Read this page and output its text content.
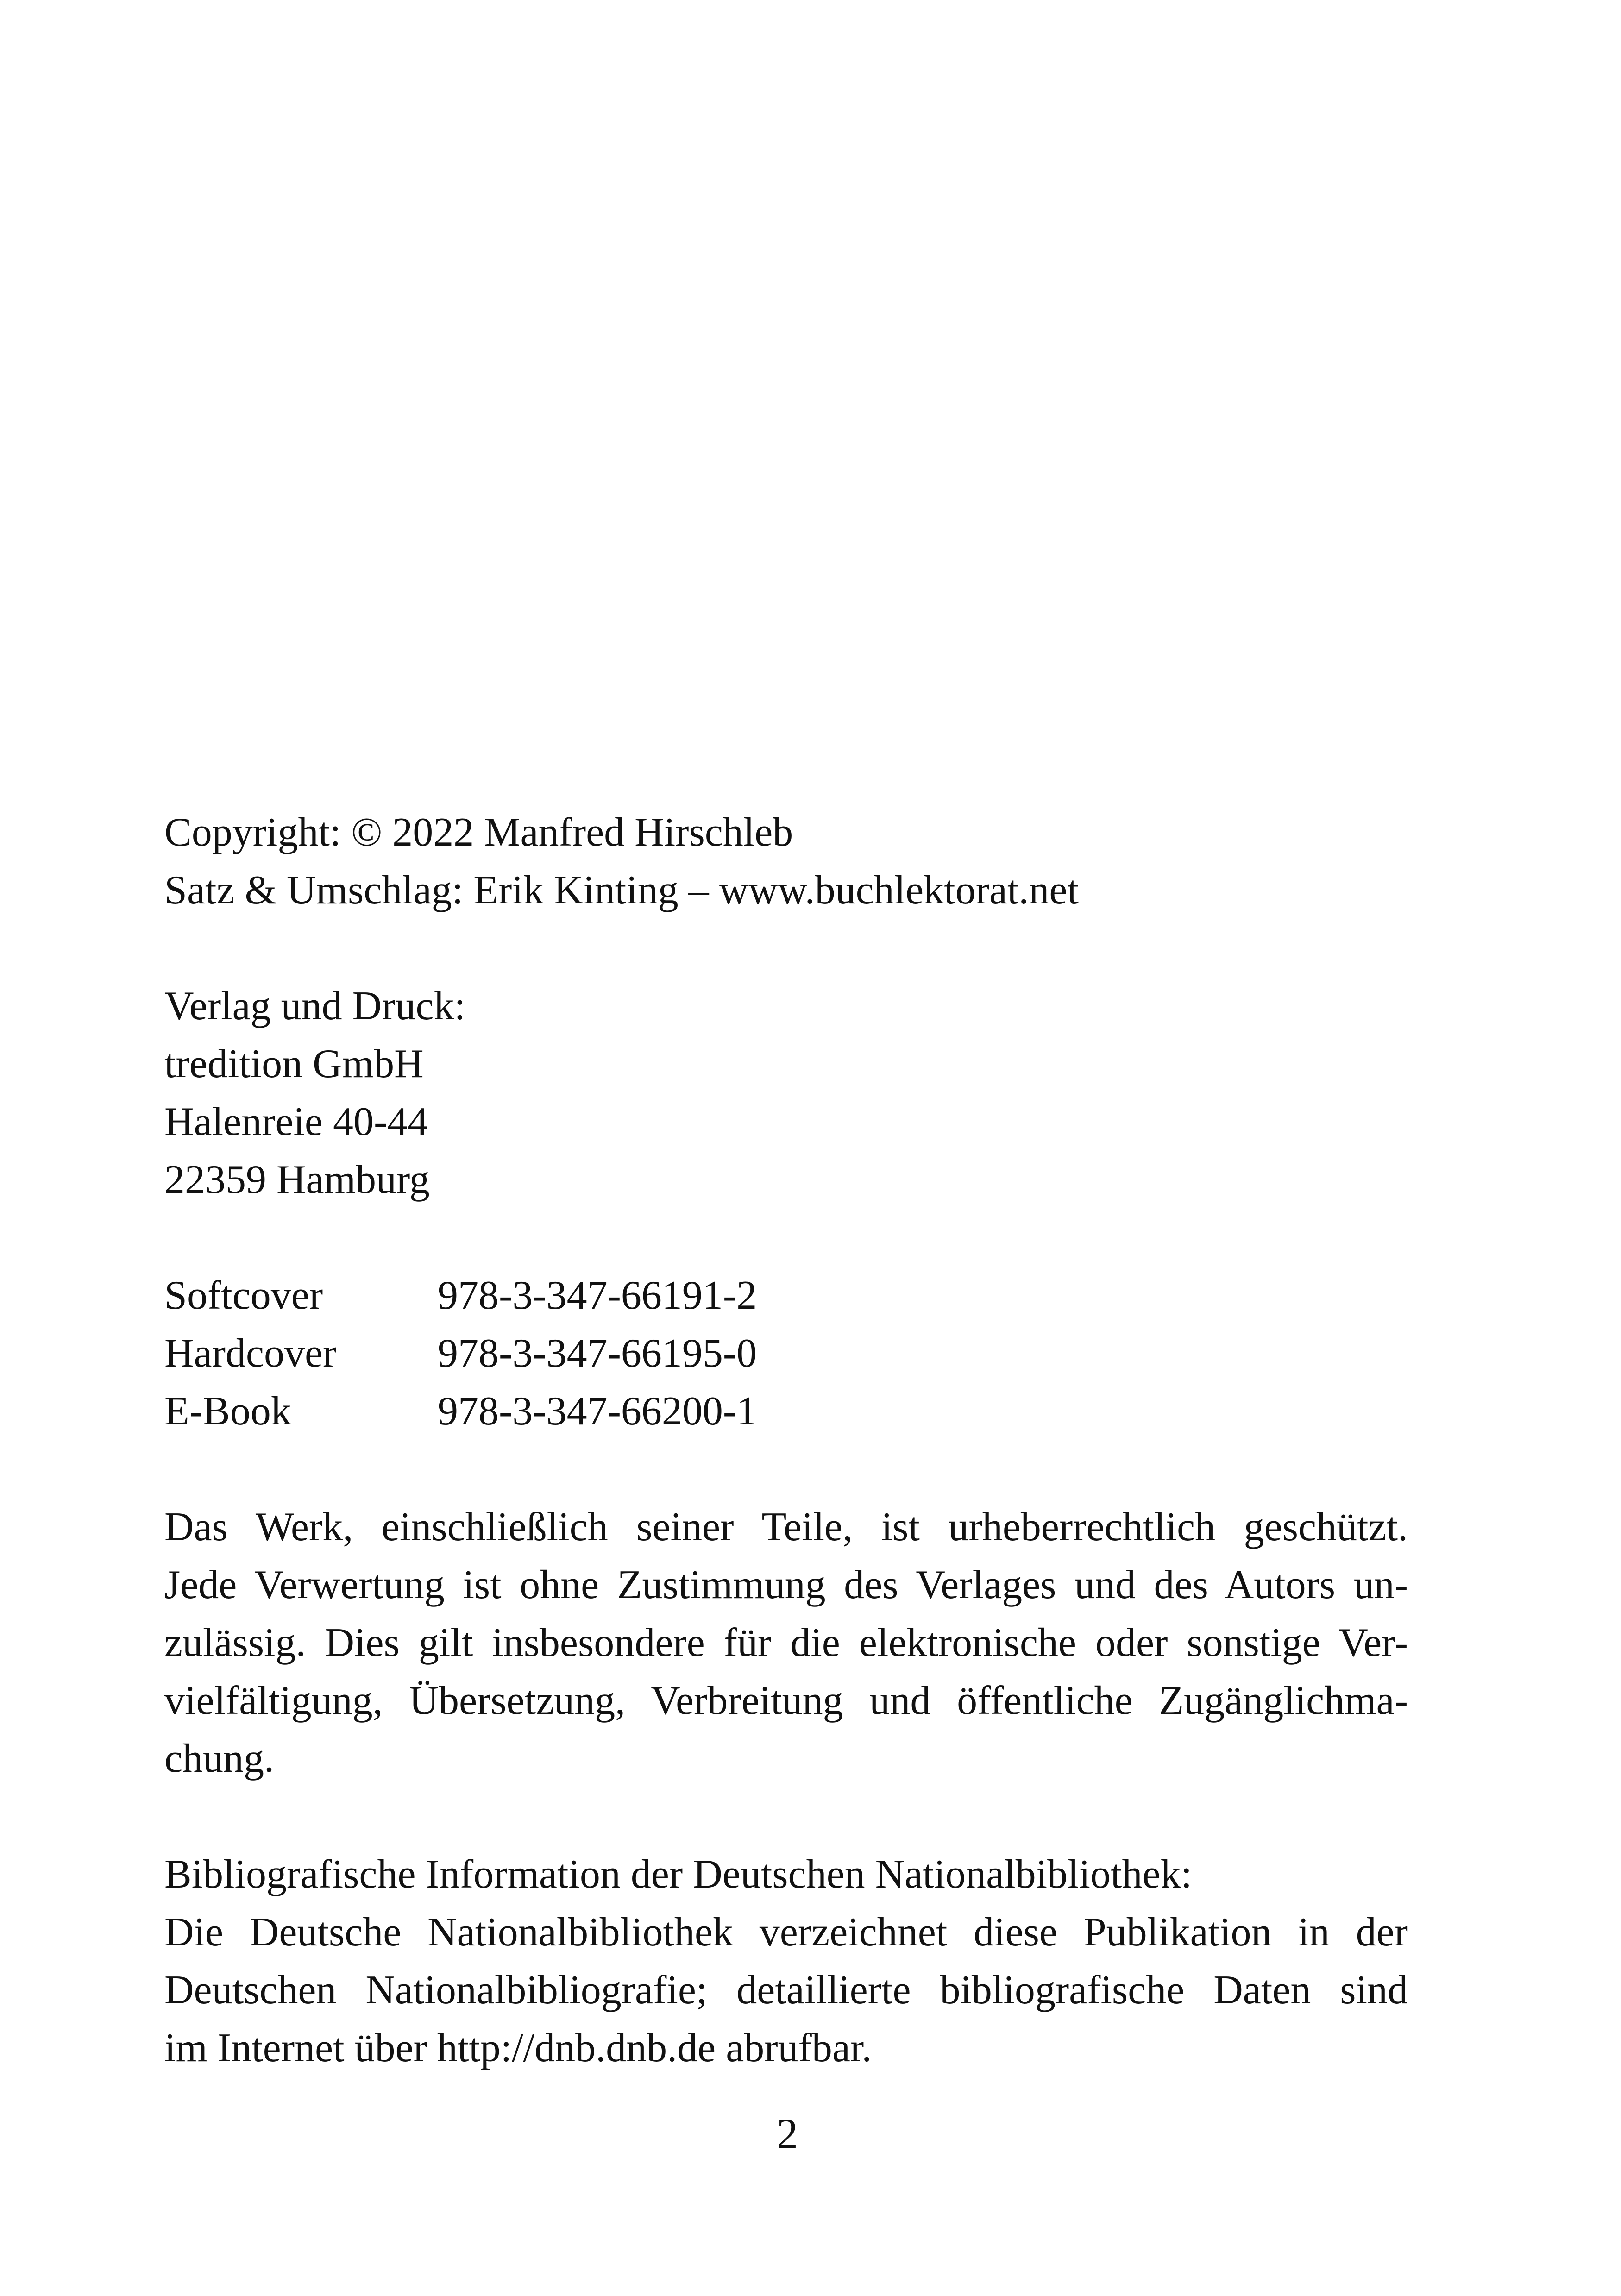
Copyright: © 2022 Manfred Hirschleb
Satz & Umschlag: Erik Kinting – www.buchlektorat.net
Verlag und Druck:
tredition GmbH
Halenreie 40-44
22359 Hamburg
Softcover	978-3-347-66191-2
Hardcover	978-3-347-66195-0
E-Book	978-3-347-66200-1
Das Werk, einschließlich seiner Teile, ist urheberrechtlich geschützt.
Jede Verwertung ist ohne Zustimmung des Verlages und des Autors un-
zulässig. Dies gilt insbesondere für die elektronische oder sonstige Ver-
vielfältigung, Übersetzung, Verbreitung und öffentliche Zugänglichma-
chung.
Bibliografische Information der Deutschen Nationalbibliothek:
Die Deutsche Nationalbibliothek verzeichnet diese Publikation in der
Deutschen Nationalbibliografie; detaillierte bibliografische Daten sind
im Internet über http://dnb.dnb.de abrufbar.
2
